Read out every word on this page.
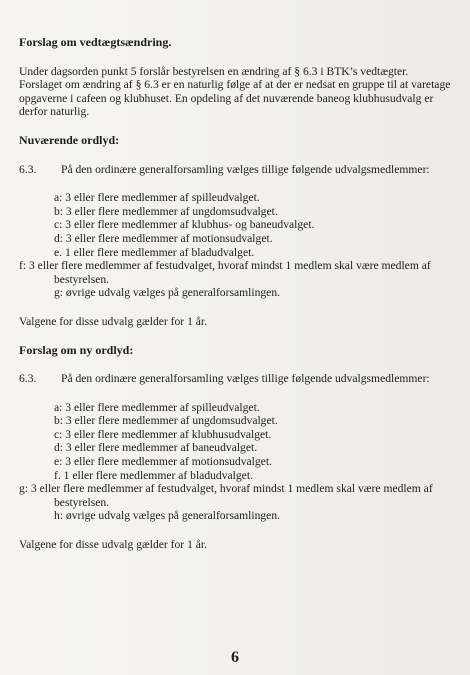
Forslag om vedtægtsændring.

Under dagsorden punkt 5 forslår bestyrelsen en ændring af § 6.3 i BTK’s vedtægter. Forslaget om ændring af § 6.3 er en naturlig følge af at der er nedsat en gruppe til at varetage opgaverne i cafeen og klubhuset. En opdeling af det nuværende baneog klubhusudvalg er derfor naturlig.

Nuværende ordlyd:

6.3. På den ordinære generalforsamling vælges tillige følgende udvalgsmedlemmer:

a: 3 eller flere medlemmer af spilleudvalget.

b: 3 eller flere medlemmer af ungdomsudvalget.

c: 3 eller flere medlemmer af klubhus- og baneudvalget.

d: 3 eller flere medlemmer af motionsudvalget.

e. 1 eller flere medlemmer af bladudvalget.

f: 3 eller flere medlemmer af festudvalget, hvoraf mindst 1 medlem skal være medlem af bestyrelsen.

g: øvrige udvalg vælges på generalforsamlingen.

Valgene for disse udvalg gælder for 1 år.

Forslag om ny ordlyd:

6.3. På den ordinære generalforsamling vælges tillige følgende udvalgsmedlemmer:

a: 3 eller flere medlemmer af spilleudvalget.

b: 3 eller flere medlemmer af ungdomsudvalget.

c: 3 eller flere medlemmer af klubhusudvalget.

d: 3 eller flere medlemmer af baneudvalget.

e: 3 eller flere medlemmer af motionsudvalget.

f. 1 eller flere medlemmer af bladudvalget.

g: 3 eller flere medlemmer af festudvalget, hvoraf mindst 1 medlem skal være medlem af bestyrelsen.

h: øvrige udvalg vælges på generalforsamlingen.

Valgene for disse udvalg gælder for 1 år.

6
